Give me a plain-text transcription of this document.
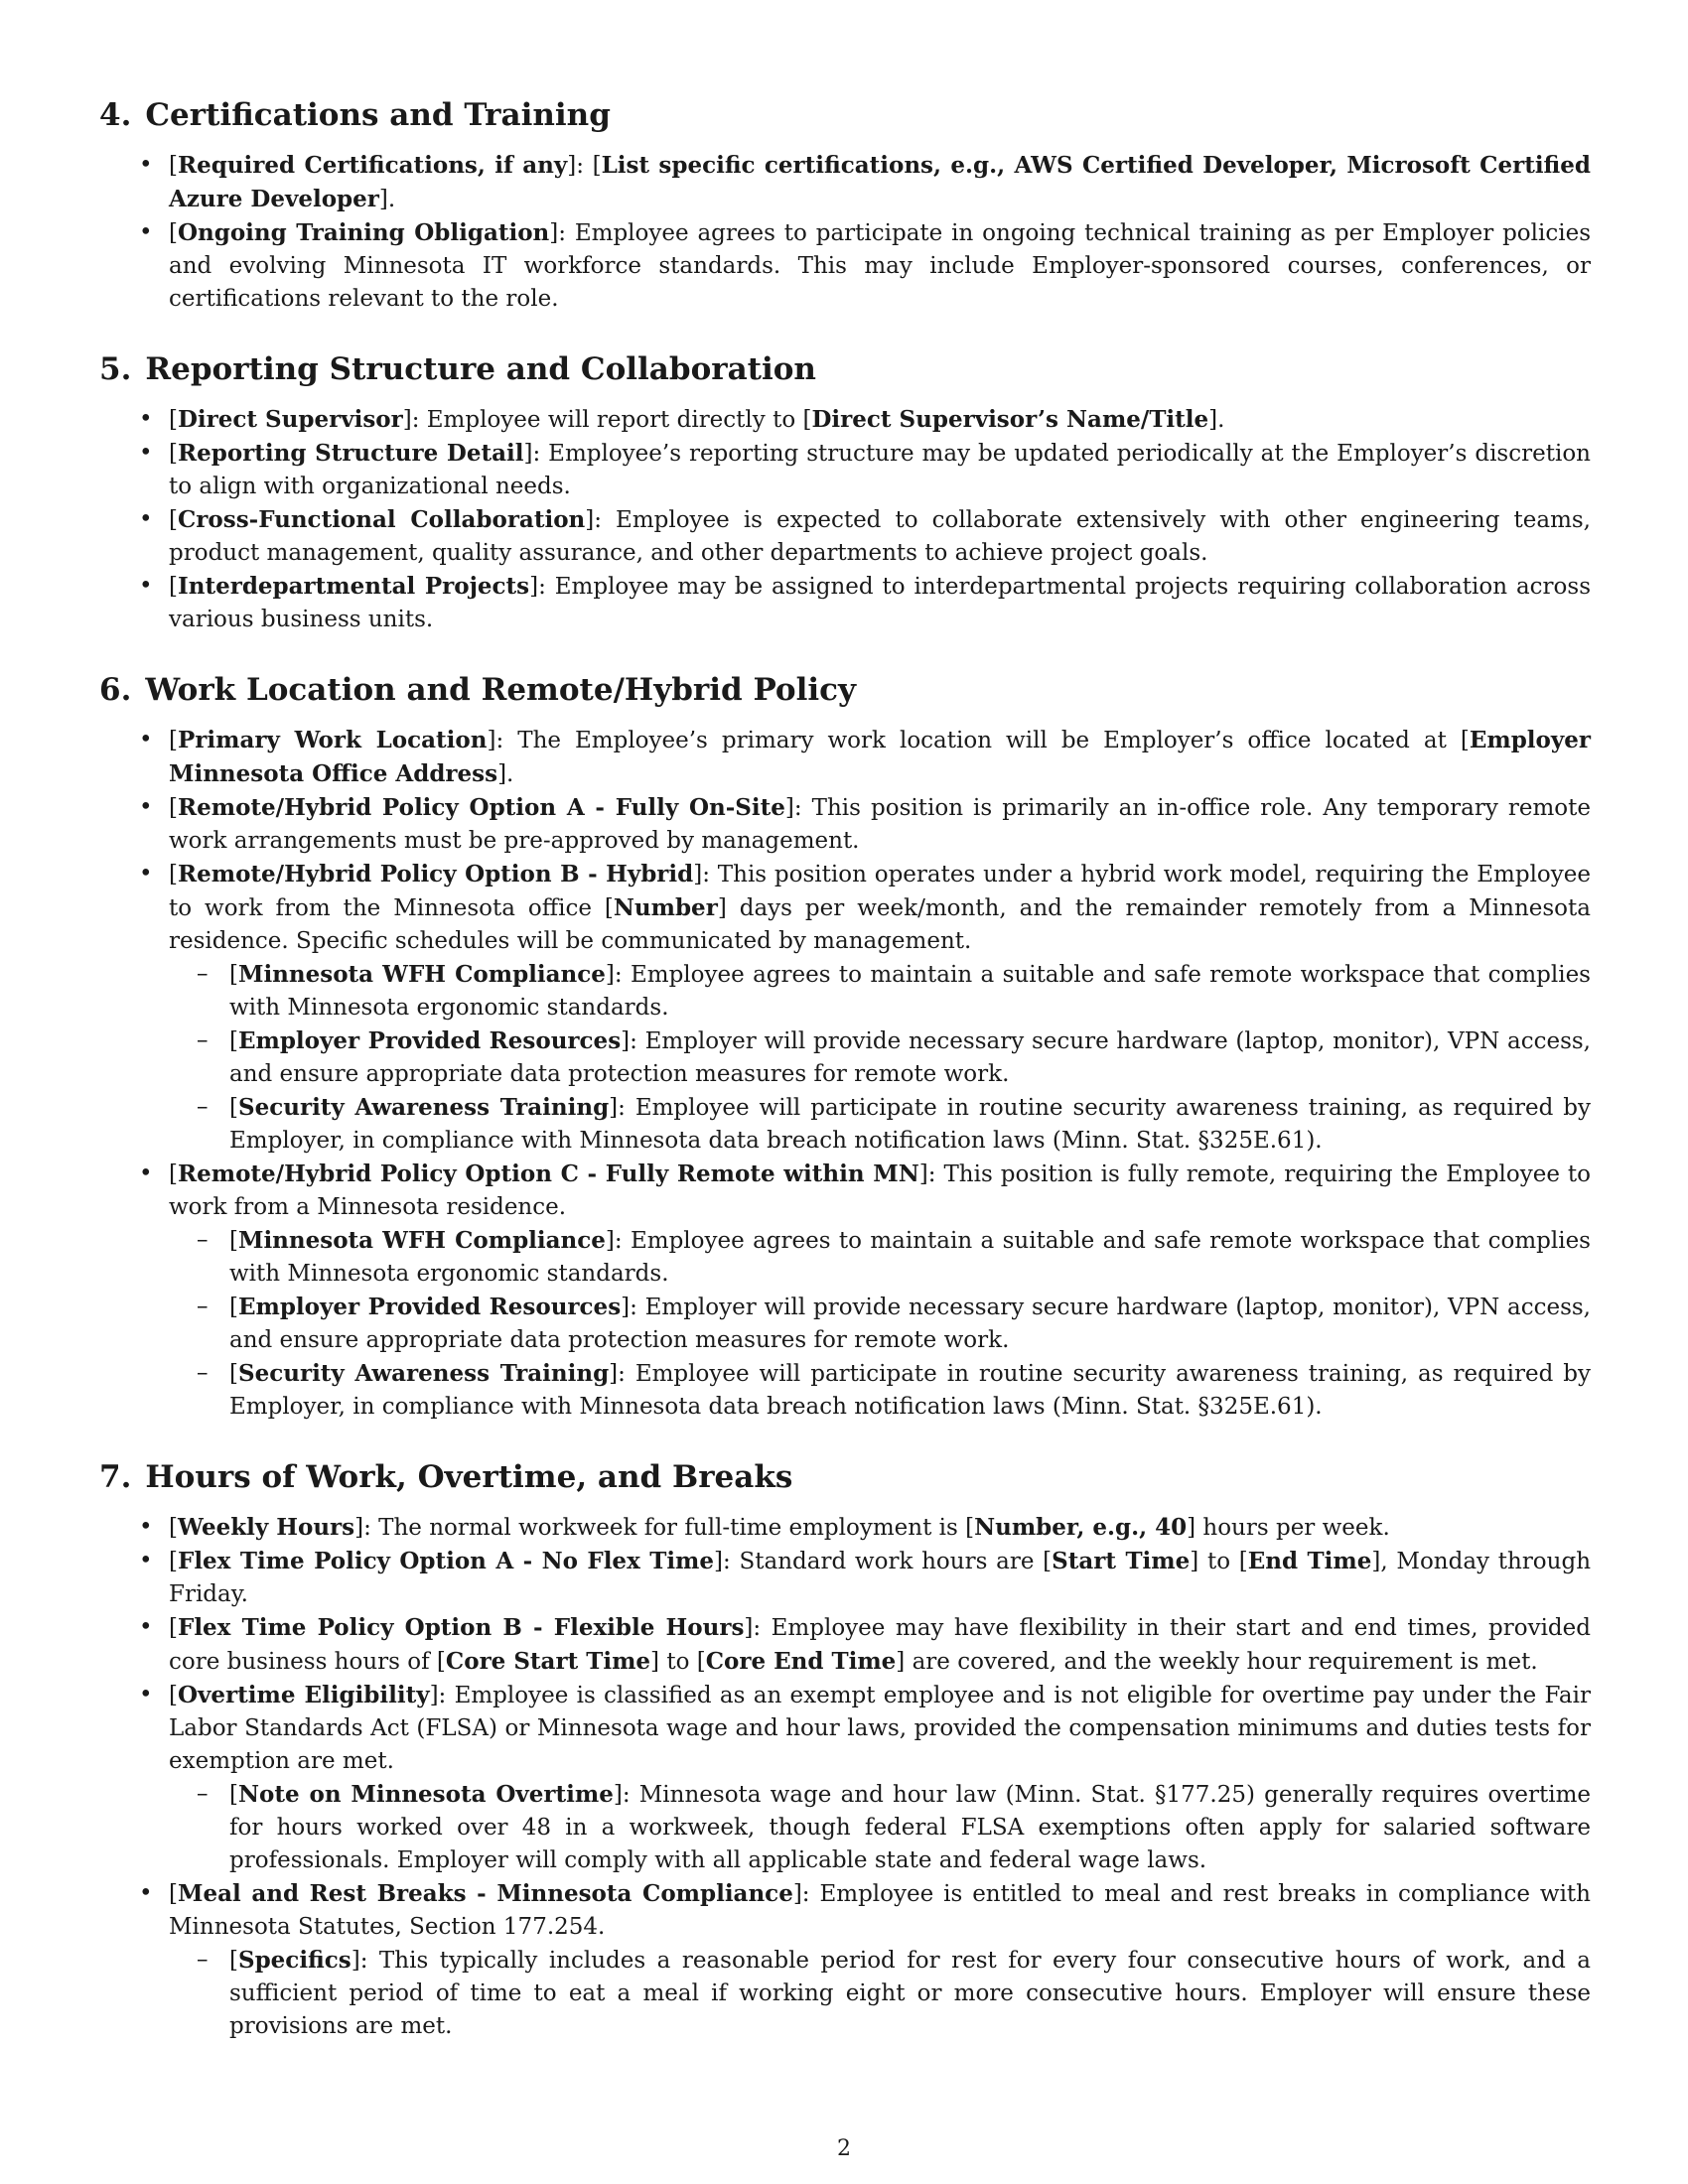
4. Certifications and Training
• [Required Certifications, if any]: [List specific certifications, e.g., AWS Certified Developer, Microsoft Certified Azure Developer].
• [Ongoing Training Obligation]: Employee agrees to participate in ongoing technical training as per Employer policies and evolving Minnesota IT workforce standards. This may include Employer-sponsored courses, conferences, or certifications relevant to the role.
5. Reporting Structure and Collaboration
• [Direct Supervisor]: Employee will report directly to [Direct Supervisor’s Name/Title].
• [Reporting Structure Detail]: Employee’s reporting structure may be updated periodically at the Employer’s discretion to align with organizational needs.
• [Cross-Functional Collaboration]: Employee is expected to collaborate extensively with other engineering teams, product management, quality assurance, and other departments to achieve project goals.
• [Interdepartmental Projects]: Employee may be assigned to interdepartmental projects requiring collaboration across various business units.
6. Work Location and Remote/Hybrid Policy
• [Primary Work Location]: The Employee’s primary work location will be Employer’s office located at [Employer Minnesota Office Address].
• [Remote/Hybrid Policy Option A - Fully On-Site]: This position is primarily an in-office role. Any temporary remote work arrangements must be pre-approved by management.
• [Remote/Hybrid Policy Option B - Hybrid]: This position operates under a hybrid work model, requiring the Employee to work from the Minnesota office [Number] days per week/month, and the remainder remotely from a Minnesota residence. Specific schedules will be communicated by management.
– [Minnesota WFH Compliance]: Employee agrees to maintain a suitable and safe remote workspace that complies with Minnesota ergonomic standards.
– [Employer Provided Resources]: Employer will provide necessary secure hardware (laptop, monitor), VPN access, and ensure appropriate data protection measures for remote work.
– [Security Awareness Training]: Employee will participate in routine security awareness training, as required by Employer, in compliance with Minnesota data breach notification laws (Minn. Stat. §325E.61).
• [Remote/Hybrid Policy Option C - Fully Remote within MN]: This position is fully remote, requiring the Employee to work from a Minnesota residence.
– [Minnesota WFH Compliance]: Employee agrees to maintain a suitable and safe remote workspace that complies with Minnesota ergonomic standards.
– [Employer Provided Resources]: Employer will provide necessary secure hardware (laptop, monitor), VPN access, and ensure appropriate data protection measures for remote work.
– [Security Awareness Training]: Employee will participate in routine security awareness training, as required by Employer, in compliance with Minnesota data breach notification laws (Minn. Stat. §325E.61).
7. Hours of Work, Overtime, and Breaks
• [Weekly Hours]: The normal workweek for full-time employment is [Number, e.g., 40] hours per week.
• [Flex Time Policy Option A - No Flex Time]: Standard work hours are [Start Time] to [End Time], Monday through Friday.
• [Flex Time Policy Option B - Flexible Hours]: Employee may have flexibility in their start and end times, provided core business hours of [Core Start Time] to [Core End Time] are covered, and the weekly hour requirement is met.
• [Overtime Eligibility]: Employee is classified as an exempt employee and is not eligible for overtime pay under the Fair Labor Standards Act (FLSA) or Minnesota wage and hour laws, provided the compensation minimums and duties tests for exemption are met.
– [Note on Minnesota Overtime]: Minnesota wage and hour law (Minn. Stat. §177.25) generally requires overtime for hours worked over 48 in a workweek, though federal FLSA exemptions often apply for salaried software professionals. Employer will comply with all applicable state and federal wage laws.
• [Meal and Rest Breaks - Minnesota Compliance]: Employee is entitled to meal and rest breaks in compliance with Minnesota Statutes, Section 177.254.
– [Specifics]: This typically includes a reasonable period for rest for every four consecutive hours of work, and a sufficient period of time to eat a meal if working eight or more consecutive hours. Employer will ensure these provisions are met.
2
